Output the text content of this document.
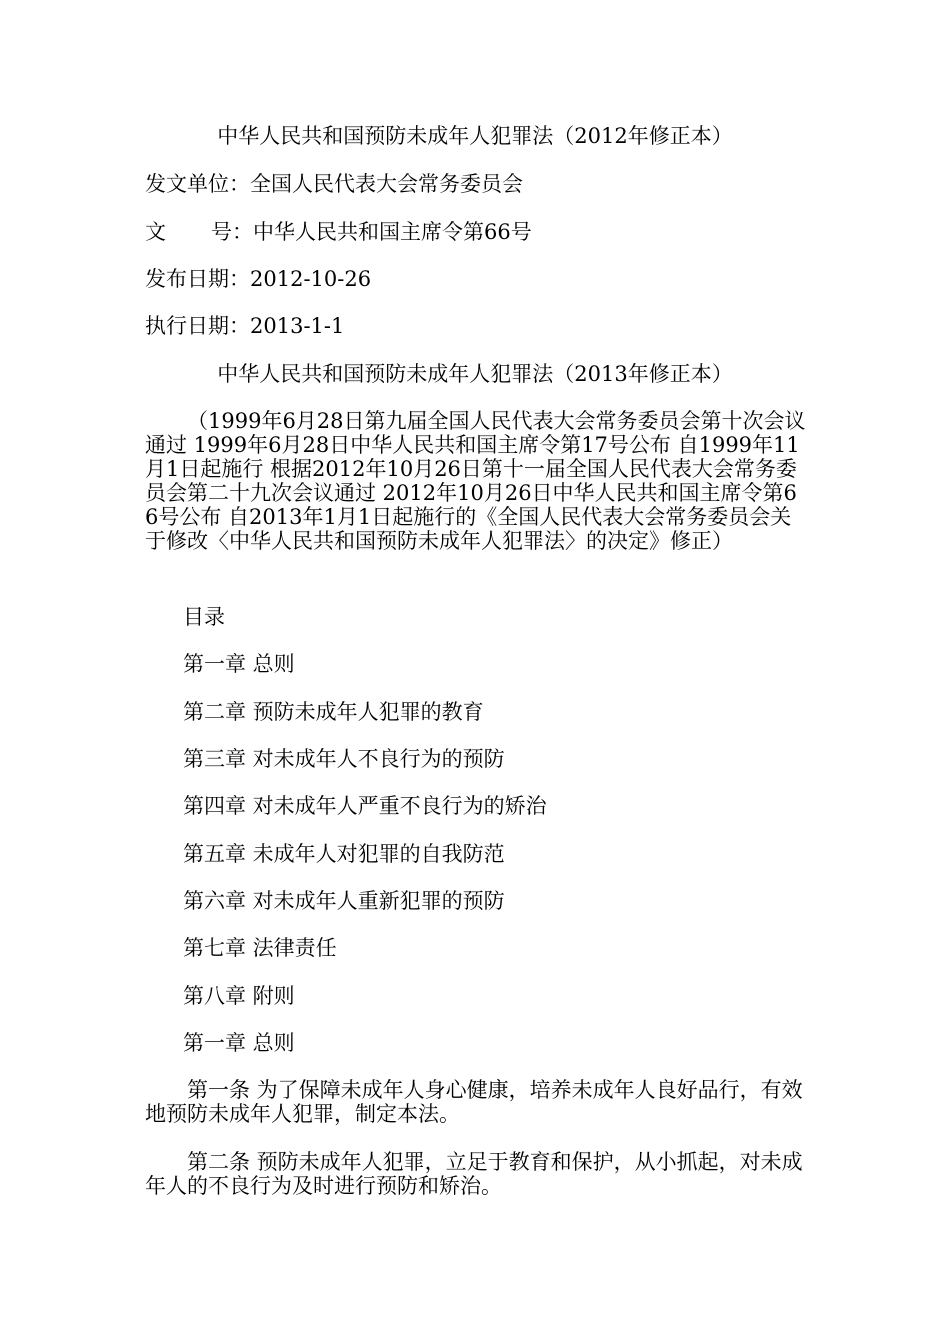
中华人民共和国预防未成年人犯罪法（2012年修正本）
发文单位：全国人民代表大会常务委员会
文 号：中华人民共和国主席令第66号
发布日期：2012-10-26
执行日期：2013-1-1
中华人民共和国预防未成年人犯罪法（2013年修正本）
（1999年6月28日第九届全国人民代表大会常务委员会第十次会议通过 1999年6月28日中华人民共和国主席令第17号公布 自1999年11月1日起施行 根据2012年10月26日第十一届全国人民代表大会常务委员会第二十九次会议通过 2012年10月26日中华人民共和国主席令第66号公布 自2013年1月1日起施行的《全国人民代表大会常务委员会关于修改〈中华人民共和国预防未成年人犯罪法〉的决定》修正）
目录
第一章 总则
第二章 预防未成年人犯罪的教育
第三章 对未成年人不良行为的预防
第四章 对未成年人严重不良行为的矫治
第五章 未成年人对犯罪的自我防范
第六章 对未成年人重新犯罪的预防
第七章 法律责任
第八章 附则
第一章 总则
第一条 为了保障未成年人身心健康，培养未成年人良好品行，有效地预防未成年人犯罪，制定本法。
第二条 预防未成年人犯罪，立足于教育和保护，从小抓起，对未成年人的不良行为及时进行预防和矫治。
